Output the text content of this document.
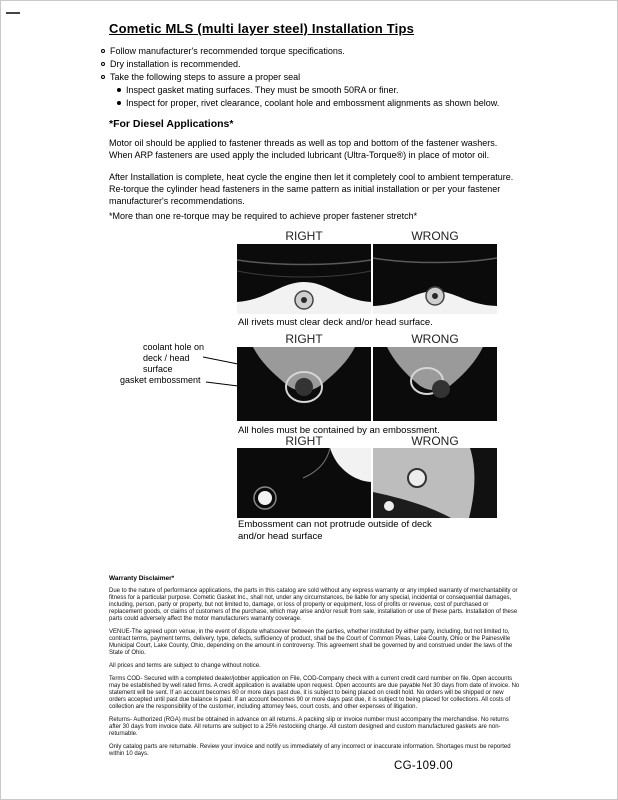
Cometic MLS (multi layer steel) Installation Tips
Follow manufacturer's recommended torque specifications.
Dry installation is recommended.
Take the following steps to assure a proper seal
Inspect gasket mating surfaces. They must be smooth 50RA or finer.
Inspect for proper, rivet clearance, coolant hole and embossment alignments as shown below.
*For Diesel Applications*
Motor oil should be applied to fastener threads as well as top and bottom of the fastener washers. When ARP fasteners are used apply the included lubricant (Ultra-Torque®) in place of motor oil.
After Installation is complete, heat cycle the engine then let it completely cool to ambient temperature. Re-torque the cylinder head fasteners in the same pattern as initial installation or per your fastener manufacturer's recommendations.
*More than one re-torque may be required to achieve proper fastener stretch*
RIGHT	WRONG
All rivets must clear deck and/or head surface.
RIGHT	WRONG
coolant hole on
deck / head surface
gasket embossment
All holes must be contained by an embossment.
RIGHT	WRONG
Embossment can not protrude outside of deck
and/or head surface
Warranty Disclaimer*

Due to the nature of performance applications, the parts in this catalog are sold without any express warranty or any implied warranty of merchantability or fitness for a particular purpose. Cometic Gasket Inc., shall not, under any circumstances, be liable for any special, incidental or consequential damages, including, person, party or property, but not limited to, damage, or loss of property or equipment, loss of profits or revenue, cost of purchased or replacement goods, or claims of customers of the purchase, which may arise and/or result from sale, installation or use of these parts. Installation of these parts could adversely affect the motor manufacturers warranty coverage.

VENUE-The agreed upon venue, in the event of dispute whatsoever between the parties, whether instituted by either party, including, but not limited to, contract terms, payment terms, delivery, type, defects, sufficiency of product, shall be the Court of Common Pleas, Lake County, Ohio or the Painesville Municipal Court, Lake County, Ohio, depending on the amount in controversy. This agreement shall be governed by and construed under the laws of the State of Ohio.

All prices and terms are subject to change without notice.

Terms COD- Secured with a completed dealer/jobber application on File, COD-Company check with a current credit card number on file. Open accounts may be established by well rated firms. A credit application is available upon request. Open accounts are due payable Net 30 days from date of invoice. No statement will be sent. If an account becomes 60 or more days past due, it is subject to being placed on credit hold. No orders will be shipped or new orders accepted until past due balance is paid. If an account becomes 90 or more days past due, it is subject to being placed for collections. All costs of collection are the responsibility of the customer, including attorney fees, court costs, and other expenses of litigation.

Returns- Authorized (RGA) must be obtained in advance on all returns. A packing slip or invoice number must accompany the merchandise. No returns after 30 days from invoice date. All returns are subject to a 25% restocking charge. All custom designed and custom manufactured gaskets are non-returnable.

Only catalog parts are returnable. Review your invoice and notify us immediately of any incorrect or inaccurate information. Shortages must be reported within 10 days.

CG-109.00
